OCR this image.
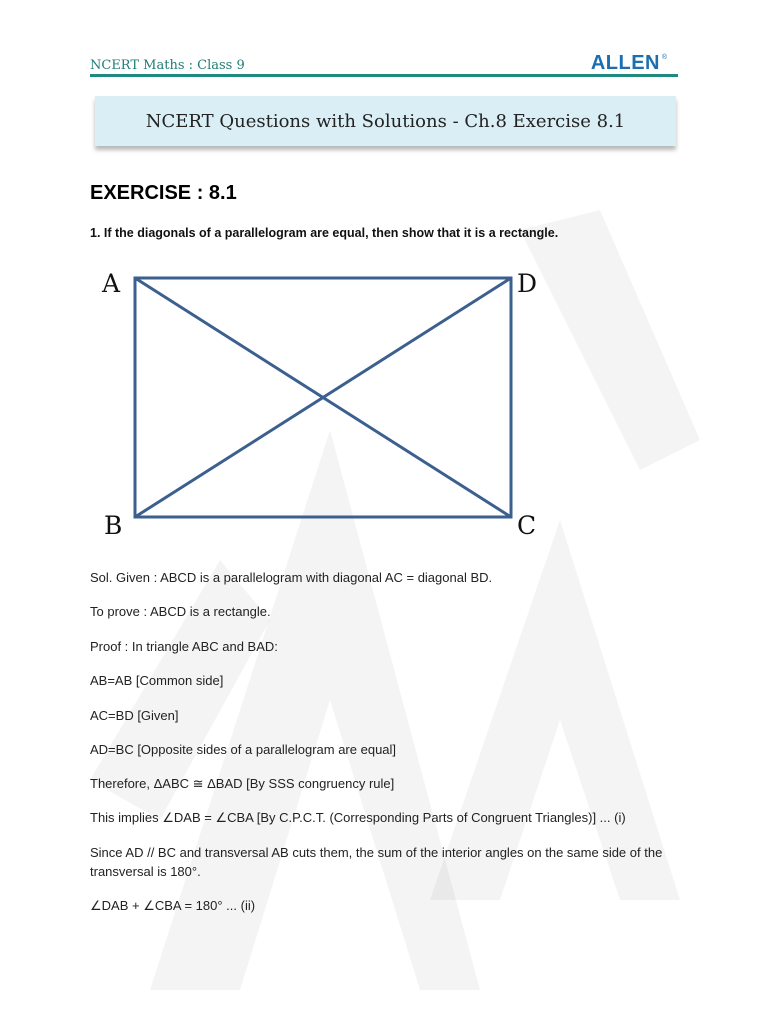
NCERT Maths : Class 9	ALLEN ®
NCERT Questions with Solutions - Ch.8 Exercise 8.1
EXERCISE : 8.1
1. If the diagonals of a parallelogram are equal, then show that it is a rectangle.
A	D
B	C
Sol. Given : ABCD is a parallelogram with diagonal AC = diagonal BD.
To prove : ABCD is a rectangle.
Proof : In triangle ABC and BAD:
AB=AB [Common side]
AC=BD [Given]
AD=BC [Opposite sides of a parallelogram are equal]
Therefore, ΔABC ≅ ΔBAD [By SSS congruency rule]
This implies ∠DAB = ∠CBA [By C.P.C.T. (Corresponding Parts of Congruent Triangles)] ... (i)
Since AD // BC and transversal AB cuts them, the sum of the interior angles on the same side of the transversal is 180°.
∠DAB + ∠CBA = 180° ... (ii)
